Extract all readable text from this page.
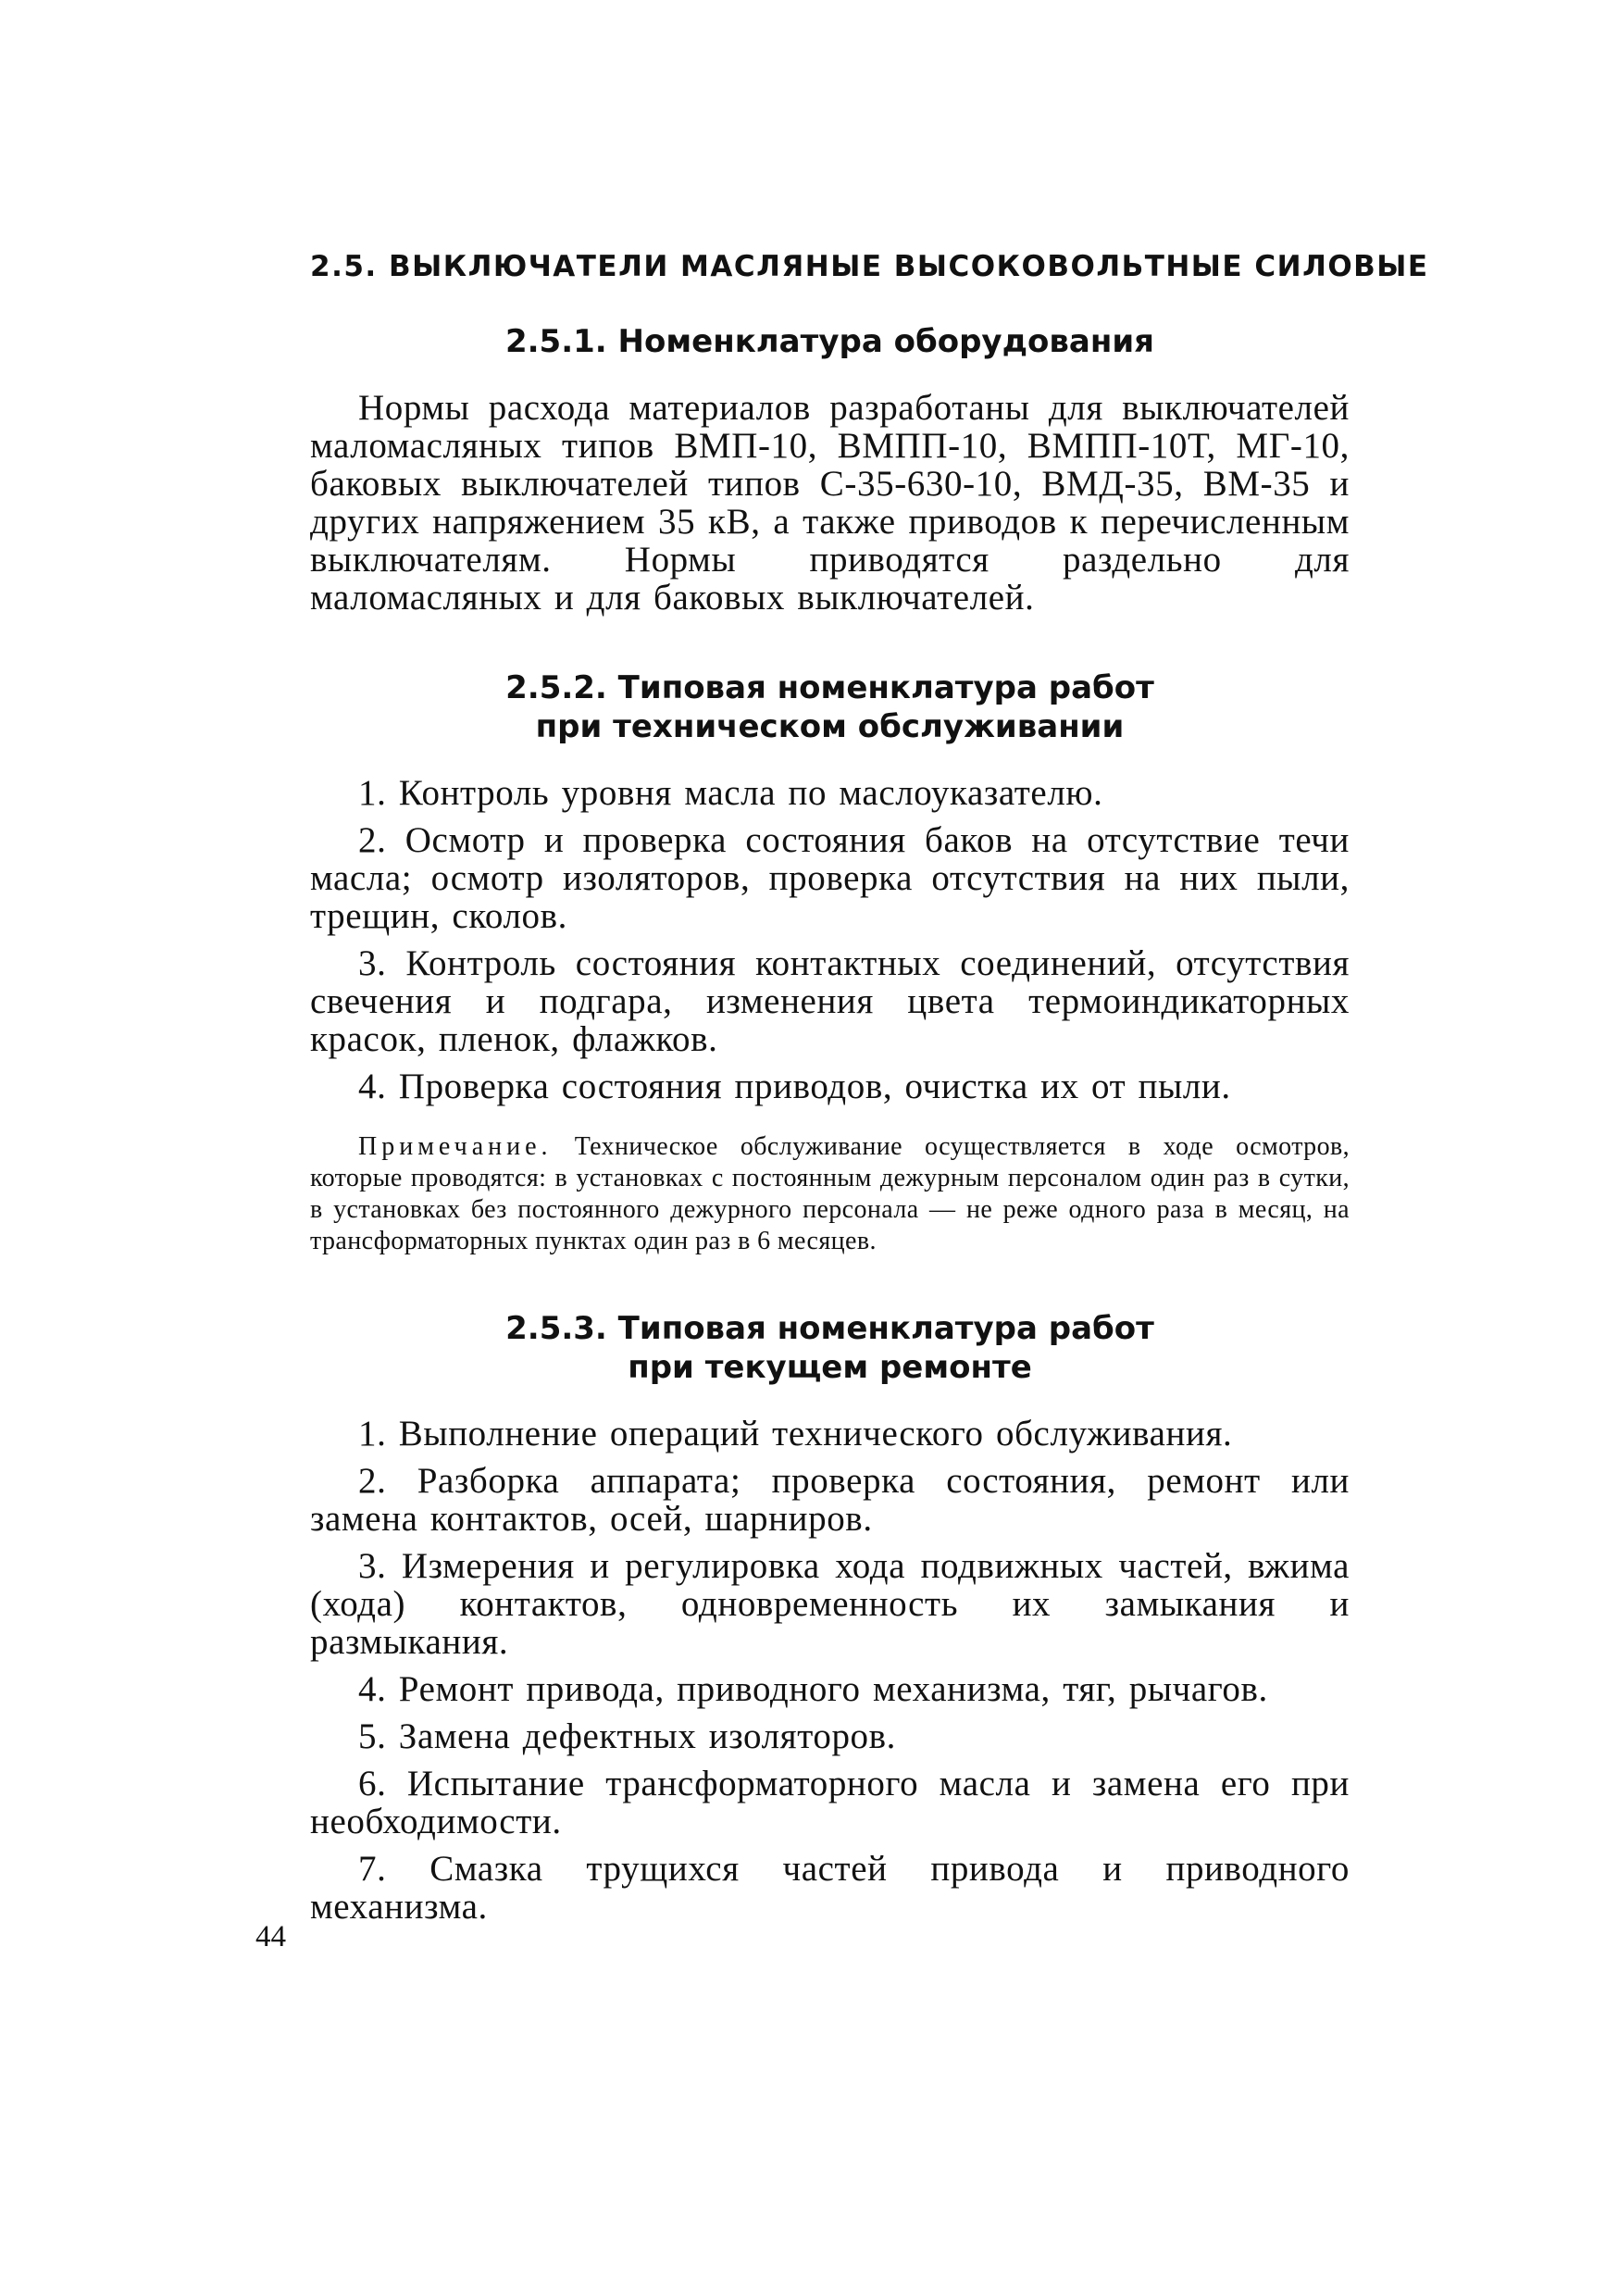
2.5. ВЫКЛЮЧАТЕЛИ МАСЛЯНЫЕ ВЫСОКОВОЛЬТНЫЕ СИЛОВЫЕ
2.5.1. Номенклатура оборудования

Нормы расхода материалов разработаны для выключателей маломасляных типов ВМП-10, ВМПП-10, ВМПП-10Т, МГ-10, баковых выключателей типов С-35-630-10, ВМД-35, ВМ-35 и других напряжением 35 кВ, а также приводов к перечисленным выключателям. Нормы приводятся раздельно для маломасляных и для баковых выключателей.

2.5.2. Типовая номенклатура работ
при техническом обслуживании

1. Контроль уровня масла по маслоуказателю.

2. Осмотр и проверка состояния баков на отсутствие течи масла; осмотр изоляторов, проверка отсутствия на них пыли, трещин, сколов.

3. Контроль состояния контактных соединений, отсутствия свечения и подгара, изменения цвета термоиндикаторных красок, пленок, флажков.

4. Проверка состояния приводов, очистка их от пыли.

Примечание. Техническое обслуживание осуществляется в ходе осмотров, которые проводятся: в установках с постоянным дежурным персоналом один раз в сутки, в установках без постоянного дежурного персонала — не реже одного раза в месяц, на трансформаторных пунктах один раз в 6 месяцев.

2.5.3. Типовая номенклатура работ
при текущем ремонте

1. Выполнение операций технического обслуживания.

2. Разборка аппарата; проверка состояния, ремонт или замена контактов, осей, шарниров.

3. Измерения и регулировка хода подвижных частей, вжима (хода) контактов, одновременность их замыкания и размыкания.

4. Ремонт привода, приводного механизма, тяг, рычагов.

5. Замена дефектных изоляторов.

6. Испытание трансформаторного масла и замена его при необходимости.

7. Смазка трущихся частей привода и приводного механизма.

44
